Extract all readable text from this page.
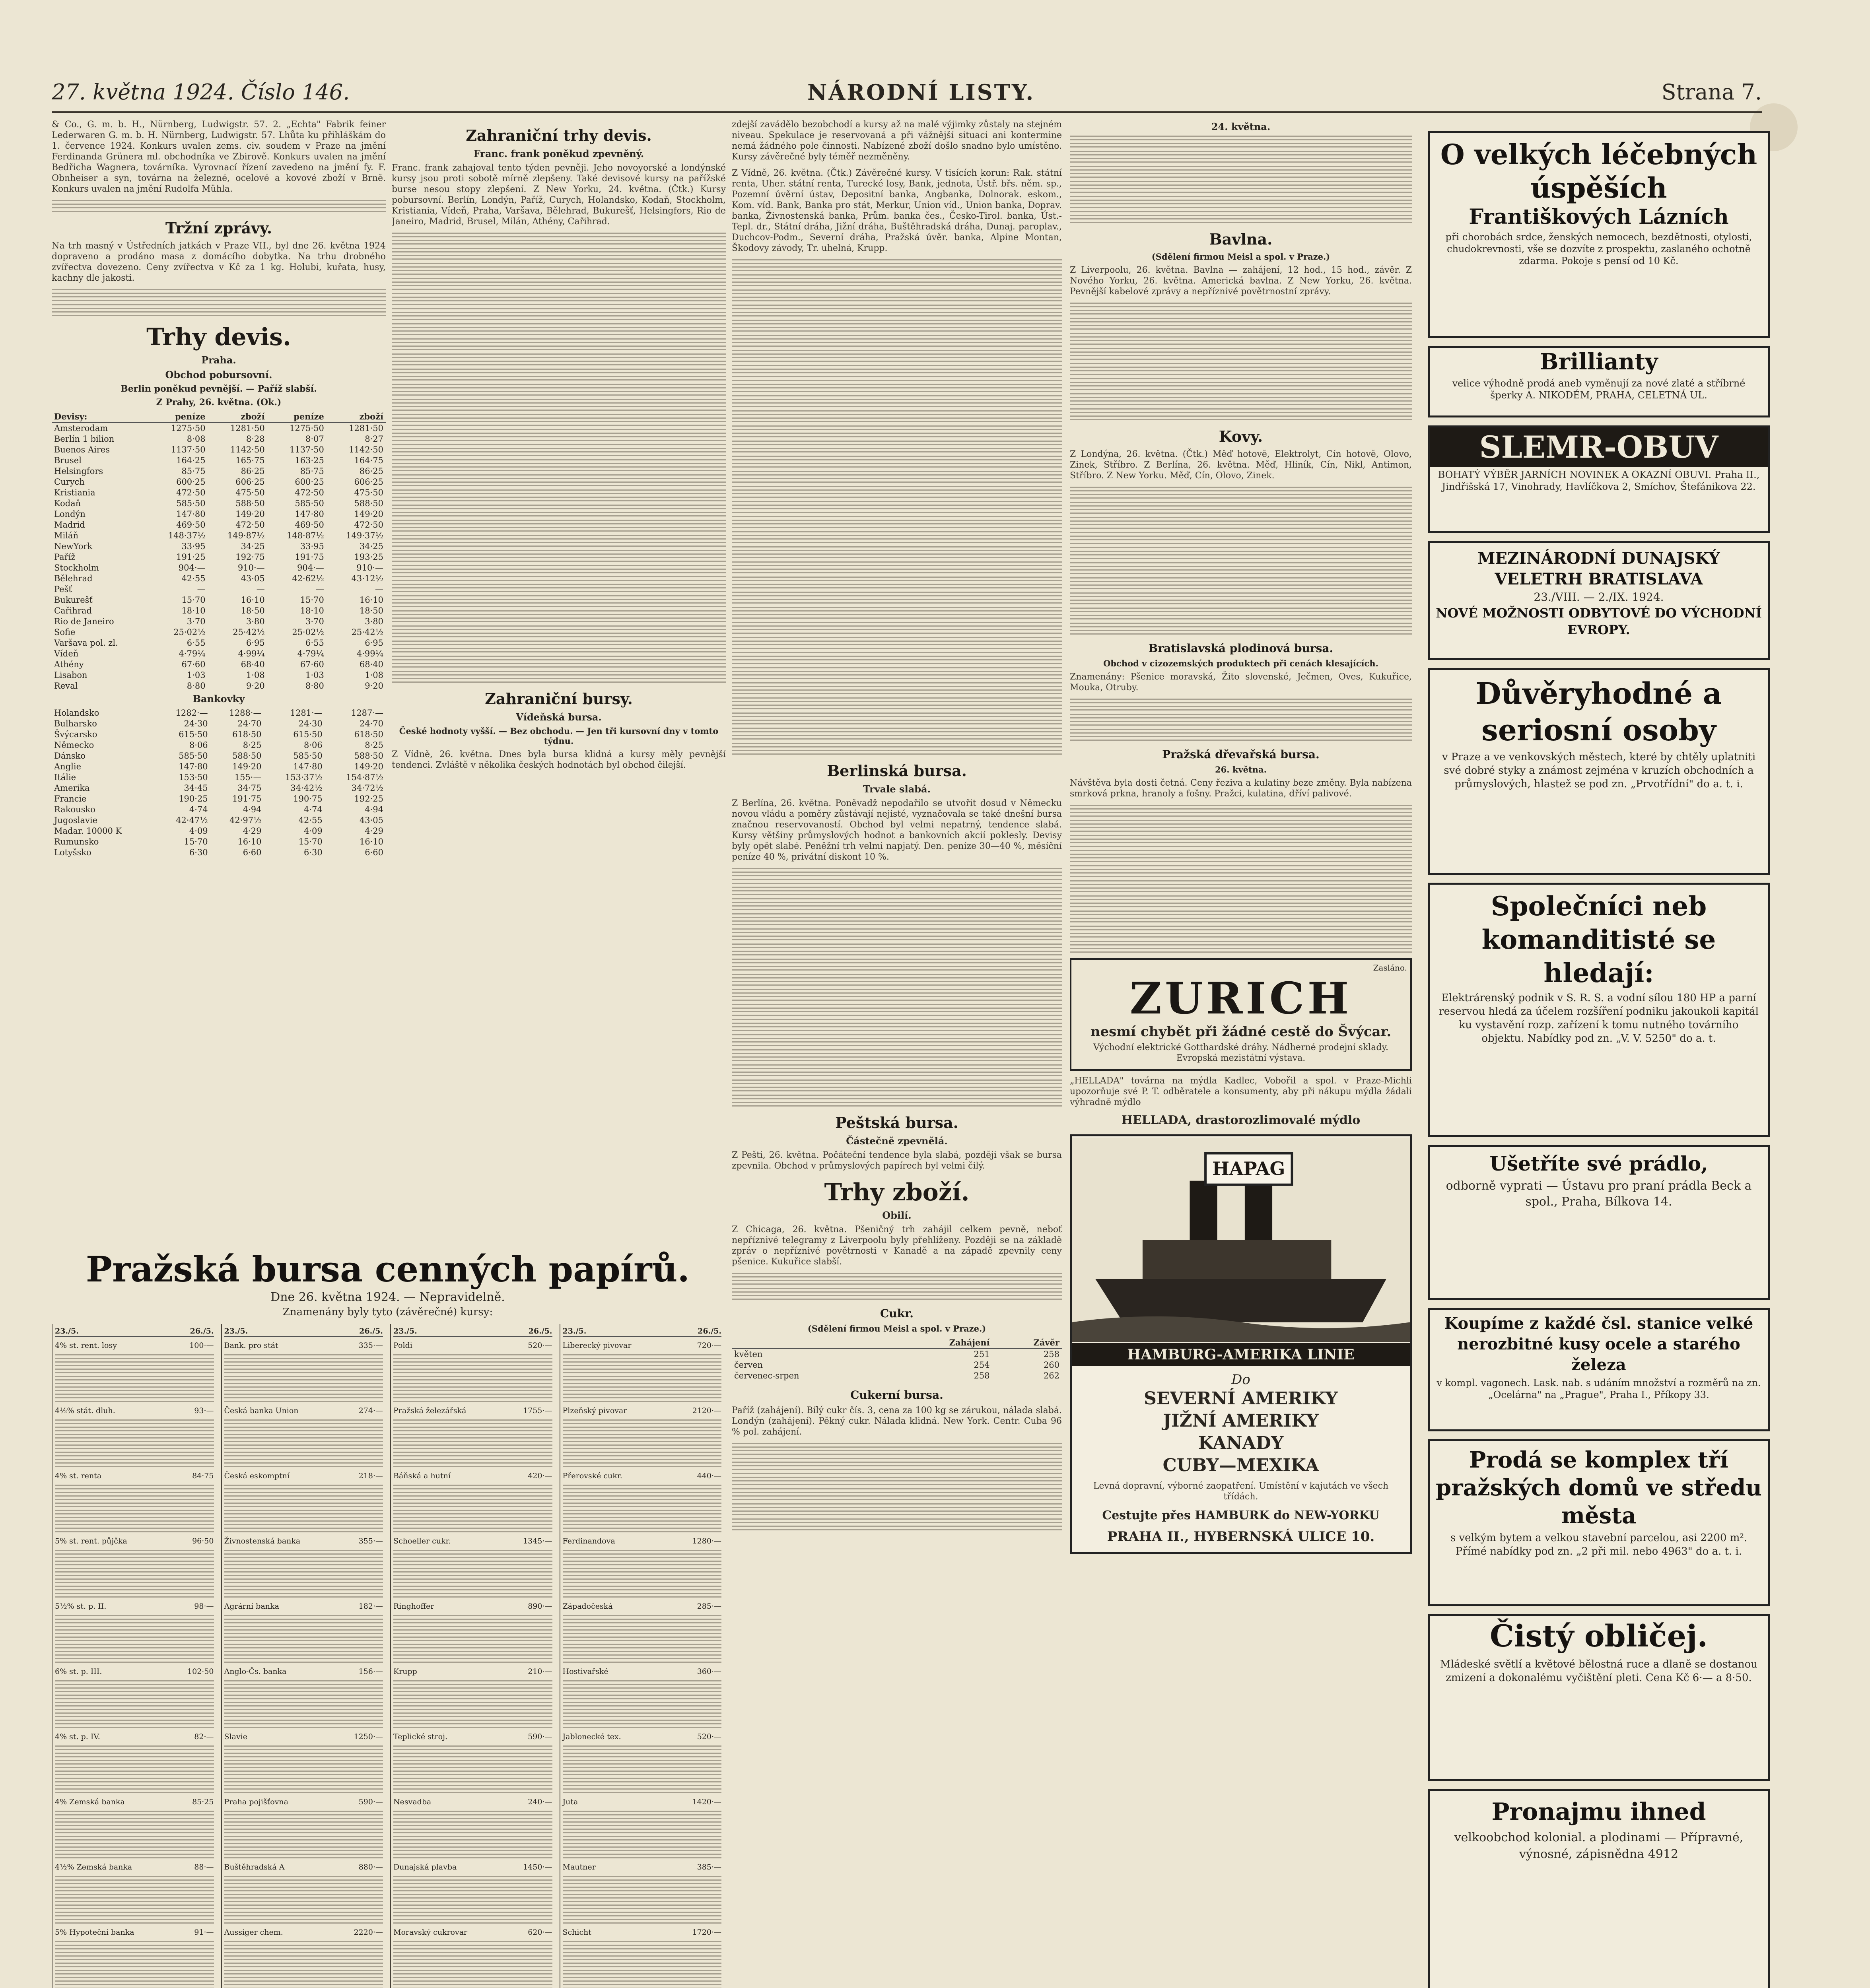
27. května 1924. Číslo 146.	NÁRODNÍ LISTY.	Strana 7.

& Co., G. m. b. H., Nürnberg, Ludwigstr. 57. 2. „Echta" Fabrik feiner Lederwaren G. m. b. H. Nürnberg, Ludwigstr. 57. Lhůta ku přihláškám do 1. července 1924. Konkurs uvalen zems. civ. soudem v Praze na jmění Ferdinanda Grünera ml. obchodníka ve Zbirově. Konkurs uvalen na jmění Bedřicha Wagnera, továrníka. Vyrovnací řízení zavedeno na jmění fy. F. Obnheiser a syn, továrna na železné, ocelové a kovové zboží v Brně. Konkurs uvalen na jmění Rudolfa Mühla.

Tržní zprávy.

Na trh masný v Ústředních jatkách v Praze VII., byl dne 26. května 1924 dopraveno a prodáno masa z domácího dobytka. Na trhu drobného zvířectva dovezeno. Ceny zvířectva v Kč za 1 kg. Holubi, kuřata, husy, kachny dle jakosti.

Trhy devis.
Praha.
Obchod pobursovní.
Berlin poněkud pevnější. — Paříž slabší.
Z Prahy, 26. května. (Ok.)
Devisy:	peníze	zboží	peníze	zboží
Amsterodam	1275·50	1281·50	1275·50	1281·50
Berlín 1 bilion	8·08	8·28	8·07	8·27
Buenos Aires	1137·50	1142·50	1137·50	1142·50
Brusel	164·25	165·75	163·25	164·75
Helsingfors	85·75	86·25	85·75	86·25
Curych	600·25	606·25	600·25	606·25
Kristiania	472·50	475·50	472·50	475·50
Kodaň	585·50	588·50	585·50	588·50
Londýn	147·80	149·20	147·80	149·20
Madrid	469·50	472·50	469·50	472·50
Miláň	148·37½	149·87½	148·87½	149·37½
NewYork	33·95	34·25	33·95	34·25
Paříž	191·25	192·75	191·75	193·25
Stockholm	904·—	910·—	904·—	910·—
Bělehrad	42·55	43·05	42·62½	43·12½
Pešť	—	—	—	—
Bukurešť	15·70	16·10	15·70	16·10
Cařihrad	18·10	18·50	18·10	18·50
Rio de Janeiro	3·70	3·80	3·70	3·80
Sofie	25·02½	25·42½	25·02½	25·42½
Varšava pol. zl.	6·55	6·95	6·55	6·95
Vídeň	4·79¼	4·99¼	4·79¼	4·99¼
Athény	67·60	68·40	67·60	68·40
Lisabon	1·03	1·08	1·03	1·08
Reval	8·80	9·20	8·80	9·20
Bankovky
Holandsko	1282·—	1288·—	1281·—	1287·—
Bulharsko	24·30	24·70	24·30	24·70
Švýcarsko	615·50	618·50	615·50	618·50
Německo	8·06	8·25	8·06	8·25
Dánsko	585·50	588·50	585·50	588·50
Anglie	147·80	149·20	147·80	149·20
Itálie	153·50	155·—	153·37½	154·87½
Amerika	34·45	34·75	34·42½	34·72½
Francie	190·25	191·75	190·75	192·25
Rakousko	4·74	4·94	4·74	4·94
Jugoslavie	42·47½	42·97½	42·55	43·05
Madar. 10000 K	4·09	4·29	4·09	4·29
Rumunsko	15·70	16·10	15·70	16·10
Lotyšsko	6·30	6·60	6·30	6·60
Zahraniční trhy devis.
Franc. frank poněkud zpevněný.

Franc. frank zahajoval tento týden pevněji. Jeho novoyorské a londýnské kursy jsou proti sobotě mírně zlepšeny. Také devisové kursy na pařížské burse nesou stopy zlepšení. Z New Yorku, 24. května. (Čtk.) Kursy pobursovní. Berlín, Londýn, Paříž, Curych, Holandsko, Kodaň, Stockholm, Kristiania, Vídeň, Praha, Varšava, Bělehrad, Bukurešť, Helsingfors, Rio de Janeiro, Madrid, Brusel, Milán, Athény, Cařihrad.

Zahraniční bursy.
Vídeňská bursa.
České hodnoty vyšší. — Bez obchodu. — Jen tři kursovní dny v tomto týdnu.

Z Vídně, 26. května. Dnes byla bursa klidná a kursy měly pevnější tendenci. Zvláště v několika českých hodnotách byl obchod čilejší.

zdejší zavádělo bezobchodí a kursy až na malé výjimky zůstaly na stejném niveau. Spekulace je reservovaná a při vážnější situaci ani kontermine nemá žádného pole činnosti. Nabízené zboží došlo snadno bylo umístěno. Kursy závěrečné byly téměř nezměněny.

Z Vídně, 26. května. (Čtk.) Závěrečné kursy. V tisících korun: Rak. státní renta, Uher. státní renta, Turecké losy, Bank, jednota, Ústř. břs. něm. sp., Pozemní úvěrní ústav, Depositní banka, Angbanka, Dolnorak. eskom., Kom. víd. Bank, Banka pro stát, Merkur, Union víd., Union banka, Doprav. banka, Živnostenská banka, Prům. banka čes., Česko-Tirol. banka, Úst.-Tepl. dr., Státní dráha, Jižní dráha, Buštěhradská dráha, Dunaj. paroplav., Duchcov-Podm., Severní dráha, Pražská úvěr. banka, Alpine Montan, Škodovy závody, Tr. uhelná, Krupp.

Berlinská bursa.
Trvale slabá.

Z Berlína, 26. května. Poněvadž nepodařilo se utvořit dosud v Německu novou vládu a poměry zůstávají nejisté, vyznačovala se také dnešní bursa značnou reservovaností. Obchod byl velmi nepatrný, tendence slabá. Kursy většiny průmyslových hodnot a bankovních akcií poklesly. Devisy byly opět slabé. Peněžní trh velmi napjatý. Den. peníze 30—40 %, měsíční peníze 40 %, privátní diskont 10 %.

Peštská bursa.
Částečně zpevnělá.

Z Pešti, 26. května. Počáteční tendence byla slabá, později však se bursa zpevnila. Obchod v průmyslových papírech byl velmi čilý.

Trhy zboží.
Obilí.

Z Chicaga, 26. května. Pšeničný trh zahájil celkem pevně, neboť nepříznivé telegramy z Liverpoolu byly přehlíženy. Později se na základě zpráv o nepříznivé povětrnosti v Kanadě a na západě zpevnily ceny pšenice. Kukuřice slabší.

Cukr.
(Sdělení firmou Meisl a spol. v Praze.)
	Zahájení	Závěr
květen	251	258
červen	254	260
červenec-srpen	258	262
Cukerní bursa.

Paříž (zahájení). Bílý cukr čís. 3, cena za 100 kg se zárukou, nálada slabá. Londýn (zahájení). Pěkný cukr. Nálada klidná. New York. Centr. Cuba 96 % pol. zahájení.

24. května.
Bavlna.
(Sdělení firmou Meisl a spol. v Praze.)

Z Liverpoolu, 26. května. Bavlna — zahájení, 12 hod., 15 hod., závěr. Z Nového Yorku, 26. května. Americká bavlna. Z New Yorku, 26. května. Pevnější kabelové zprávy a nepříznivé povětrnostní zprávy.

Kovy.

Z Londýna, 26. května. (Čtk.) Měď hotově, Elektrolyt, Cín hotově, Olovo, Zinek, Stříbro. Z Berlína, 26. května. Měď, Hliník, Cín, Nikl, Antimon, Stříbro. Z New Yorku. Měď, Cín, Olovo, Zinek.

Bratislavská plodinová bursa.
Obchod v cizozemských produktech při cenách klesajících.

Znamenány: Pšenice moravská, Žito slovenské, Ječmen, Oves, Kukuřice, Mouka, Otruby.

Pražská dřevařská bursa.
26. května.

Návštěva byla dosti četná. Ceny řeziva a kulatiny beze změny. Byla nabízena smrková prkna, hranoly a fošny. Pražci, kulatina, dříví palivové.

Zasláno.
ZURICH
nesmí chybět při žádné cestě do Švýcar.
Východní elektrické Gotthardské dráhy. Nádherné prodejní sklady. Evropská mezistátní výstava.

„HELLADA" továrna na mýdla Kadlec, Vobořil a spol. v Praze-Michli upozorňuje své P. T. odběratele a konsumenty, aby při nákupu mýdla žádali výhradně mýdlo

HELLADA, drastorozlimovalé mýdlo
HAPAG
HAMBURG-AMERIKA LINIE
Do
SEVERNÍ AMERIKY
JIŽNÍ AMERIKY
KANADY
CUBY—MEXIKA
Levná dopravní, výborné zaopatření. Umístění v kajutách ve všech třídách.
Cestujte přes HAMBURK do NEW-YORKU
PRAHA II., HYBERNSKÁ ULICE 10.
O velkých léčebných úspěších
Františkových Lázních
při chorobách srdce, ženských nemocech, bezdětnosti, otylosti, chudokrevnosti, vše se dozvíte z prospektu, zaslaného ochotně zdarma. Pokoje s pensí od 10 Kč.
Brillianty
velice výhodně prodá aneb vyměnují za nové zlaté a stříbrné šperky A. NIKODÉM, PRAHA, CELETNÁ UL.
SLEMR-OBUV
BOHATÝ VÝBĚR JARNÍCH NOVINEK A OKAZNÍ OBUVI. Praha II., Jindřišská 17, Vinohrady, Havlíčkova 2, Smíchov, Štefánikova 22.
MEZINÁRODNÍ DUNAJSKÝ VELETRH BRATISLAVA
23./VIII. — 2./IX. 1924.
NOVÉ MOŽNOSTI ODBYTOVÉ DO VÝCHODNÍ EVROPY.
Důvěryhodné a seriosní osoby
v Praze a ve venkovských městech, které by chtěly uplatniti své dobré styky a známost zejména v kruzích obchodních a průmyslových, hlastež se pod zn. „Prvotřídní" do a. t. i.
Společníci neb komanditisté se hledají:
Elektrárenský podnik v S. R. S. a vodní sílou 180 HP a parní reservou hledá za účelem rozšíření podniku jakoukoli kapitál ku vystavění rozp. zařízení k tomu nutného továrního objektu. Nabídky pod zn. „V. V. 5250" do a. t.
Ušetříte své prádlo,
odborně vyprati — Ústavu pro praní prádla Beck a spol., Praha, Bílkova 14.
Koupíme z každé čsl. stanice velké nerozbitné kusy ocele a starého železa
v kompl. vagonech. Lask. nab. s udáním množství a rozměrů na zn. „Ocelárna" na „Prague", Praha I., Příkopy 33.
Prodá se komplex tří pražských domů ve středu města
s velkým bytem a velkou stavební parcelou, asi 2200 m². Přímé nabídky pod zn. „2 při mil. nebo 4963" do a. t. i.
Čistý obličej.
Mládeské světlí a květové bělostná ruce a dlaně se dostanou zmizení a dokonalému vyčištění pleti. Cena Kč 6·— a 8·50.
Pronajmu ihned
velkoobchod kolonial. a plodinami — Přípravné, výnosné, zápisnědna 4912
Pražská bursa cenných papírů.
Dne 26. května 1924. — Nepravidelně.
Znamenány byly tyto (závěrečné) kursy:
23./5.	26./5.
4% st. rent. losy	100·—
4½% stát. dluh.	93·—
4% st. renta	84·75
5% st. rent. půjčka	96·50
5½% st. p. II.	98·—
6% st. p. III.	102·50
4% st. p. IV.	82·—
4% Zemská banka	85·25
4½% Zemská banka	88·—
5% Hypoteční banka	91·—
23./5.	26./5.
Bank. pro stát	335·—
Česká banka Union	274·—
Česká eskomptní	218·—
Živnostenská banka	355·—
Agrární banka	182·—
Anglo-Čs. banka	156·—
Slavie	1250·—
Praha pojišťovna	590·—
Buštěhradská A	880·—
Aussiger chem.	2220·—
23./5.	26./5.
Poldi	520·—
Pražská železářská	1755·—
Báňská a hutní	420·—
Schoeller cukr.	1345·—
Ringhoffer	890·—
Krupp	210·—
Teplické stroj.	590·—
Nesvadba	240·—
Dunajská plavba	1450·—
Moravský cukrovar	620·—
23./5.	26./5.
Liberecký pivovar	720·—
Plzeňský pivovar	2120·—
Přerovské cukr.	440·—
Ferdinandova	1280·—
Západočeská	285·—
Hostivařské	360·—
Jablonecké tex.	520·—
Juta	1420·—
Mautner	385·—
Schicht	1720·—
